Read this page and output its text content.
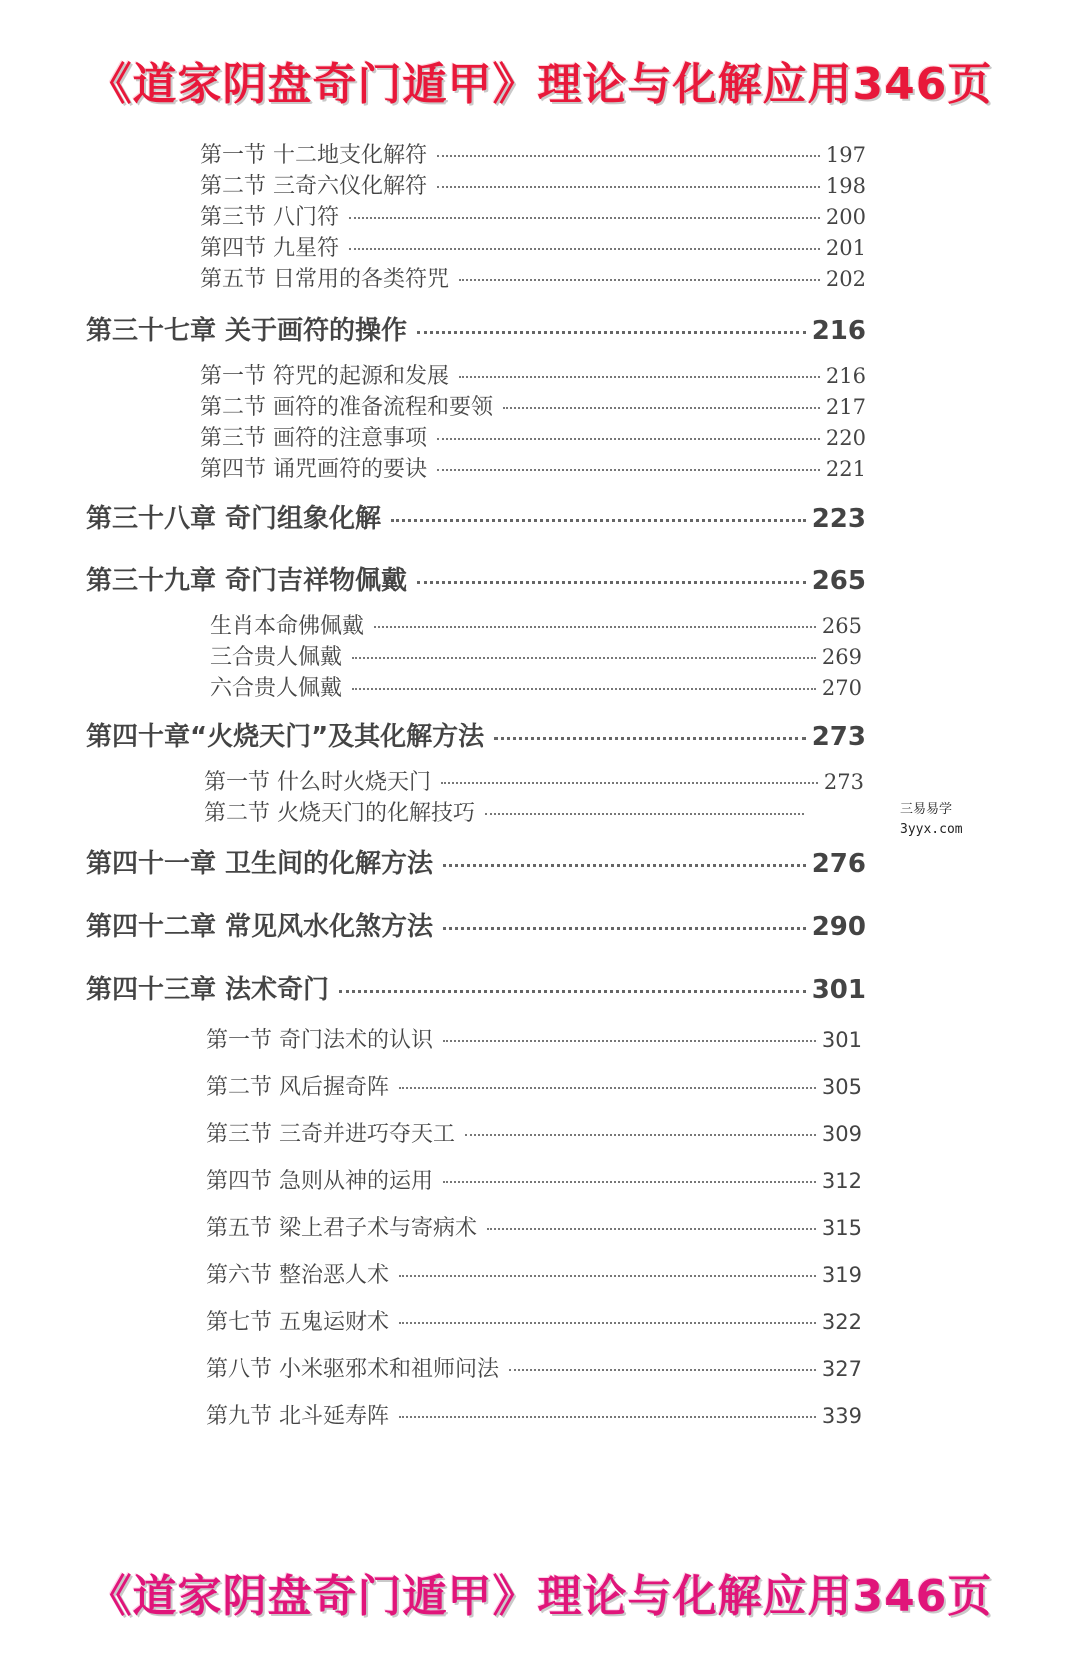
《道家阴盘奇门遁甲》理论与化解应用346页
第一节 十二地支化解符	197
第二节 三奇六仪化解符	198
第三节 八门符	200
第四节 九星符	201
第五节 日常用的各类符咒	202
第三十七章 关于画符的操作	216
第一节 符咒的起源和发展	216
第二节 画符的准备流程和要领	217
第三节 画符的注意事项	220
第四节 诵咒画符的要诀	221
第三十八章 奇门组象化解	223
第三十九章 奇门吉祥物佩戴	265
生肖本命佛佩戴	265
三合贵人佩戴	269
六合贵人佩戴	270
第四十章“火烧天门”及其化解方法	273
第一节 什么时火烧天门	273
第二节 火烧天门的化解技巧
第四十一章 卫生间的化解方法	276
第四十二章 常见风水化煞方法	290
第四十三章 法术奇门	301
第一节 奇门法术的认识	301
第二节 风后握奇阵	305
第三节 三奇并进巧夺天工	309
第四节 急则从神的运用	312
第五节 梁上君子术与寄病术	315
第六节 整治恶人术	319
第七节 五鬼运财术	322
第八节 小米驱邪术和祖师问法	327
第九节 北斗延寿阵	339
三易易学
3yyx.com
《道家阴盘奇门遁甲》理论与化解应用346页
